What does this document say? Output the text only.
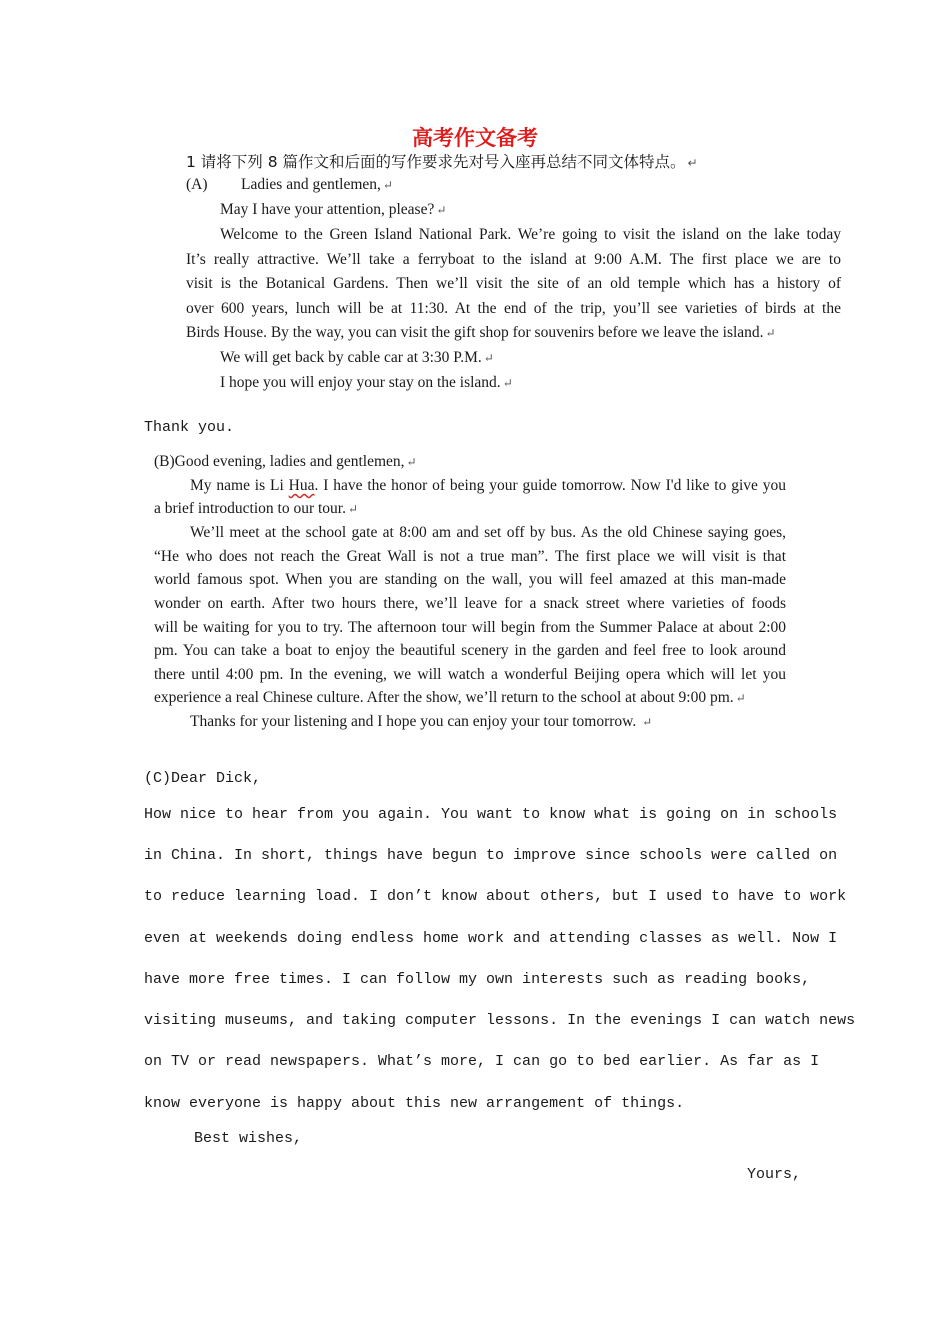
高考作文备考
1 请将下列 8 篇作文和后面的写作要求先对号入座再总结不同文体特点。 ↵
(A) Ladies and gentlemen, ↵
May I have your attention, please? ↵
Welcome to the Green Island National Park. We’re going to visit the island on the lake today
It’s really attractive. We’ll take a ferryboat to the island at 9:00 A.M. The first place we are to
visit is the Botanical Gardens. Then we’ll visit the site of an old temple which has a history of
over 600 years, lunch will be at 11:30. At the end of the trip, you’ll see varieties of birds at the
Birds House. By the way, you can visit the gift shop for souvenirs before we leave the island. ↵
We will get back by cable car at 3:30 P.M. ↵
I hope you will enjoy your stay on the island. ↵
Thank you.
(B)Good evening, ladies and gentlemen, ↵
My name is Li Hua. I have the honor of being your guide tomorrow. Now I'd like to give you
a brief introduction to our tour. ↵
We’ll meet at the school gate at 8:00 am and set off by bus. As the old Chinese saying goes,
“He who does not reach the Great Wall is not a true man”. The first place we will visit is that
world famous spot. When you are standing on the wall, you will feel amazed at this man-made
wonder on earth. After two hours there, we’ll leave for a snack street where varieties of foods
will be waiting for you to try. The afternoon tour will begin from the Summer Palace at about 2:00
pm. You can take a boat to enjoy the beautiful scenery in the garden and feel free to look around
there until 4:00 pm. In the evening, we will watch a wonderful Beijing opera which will let you
experience a real Chinese culture. After the show, we’ll return to the school at about 9:00 pm. ↵
Thanks for your listening and I hope you can enjoy your tour tomorrow. ↵
(C)Dear Dick,
How nice to hear from you again. You want to know what is going on in schools
in China. In short, things have begun to improve since schools were called on
to reduce learning load. I don’t know about others, but I used to have to work
even at weekends doing endless home work and attending classes as well. Now I
have more free times. I can follow my own interests such as reading books,
visiting museums, and taking computer lessons. In the evenings I can watch news
on TV or read newspapers. What’s more, I can go to bed earlier. As far as I
know everyone is happy about this new arrangement of things.
Best wishes,
Yours,
